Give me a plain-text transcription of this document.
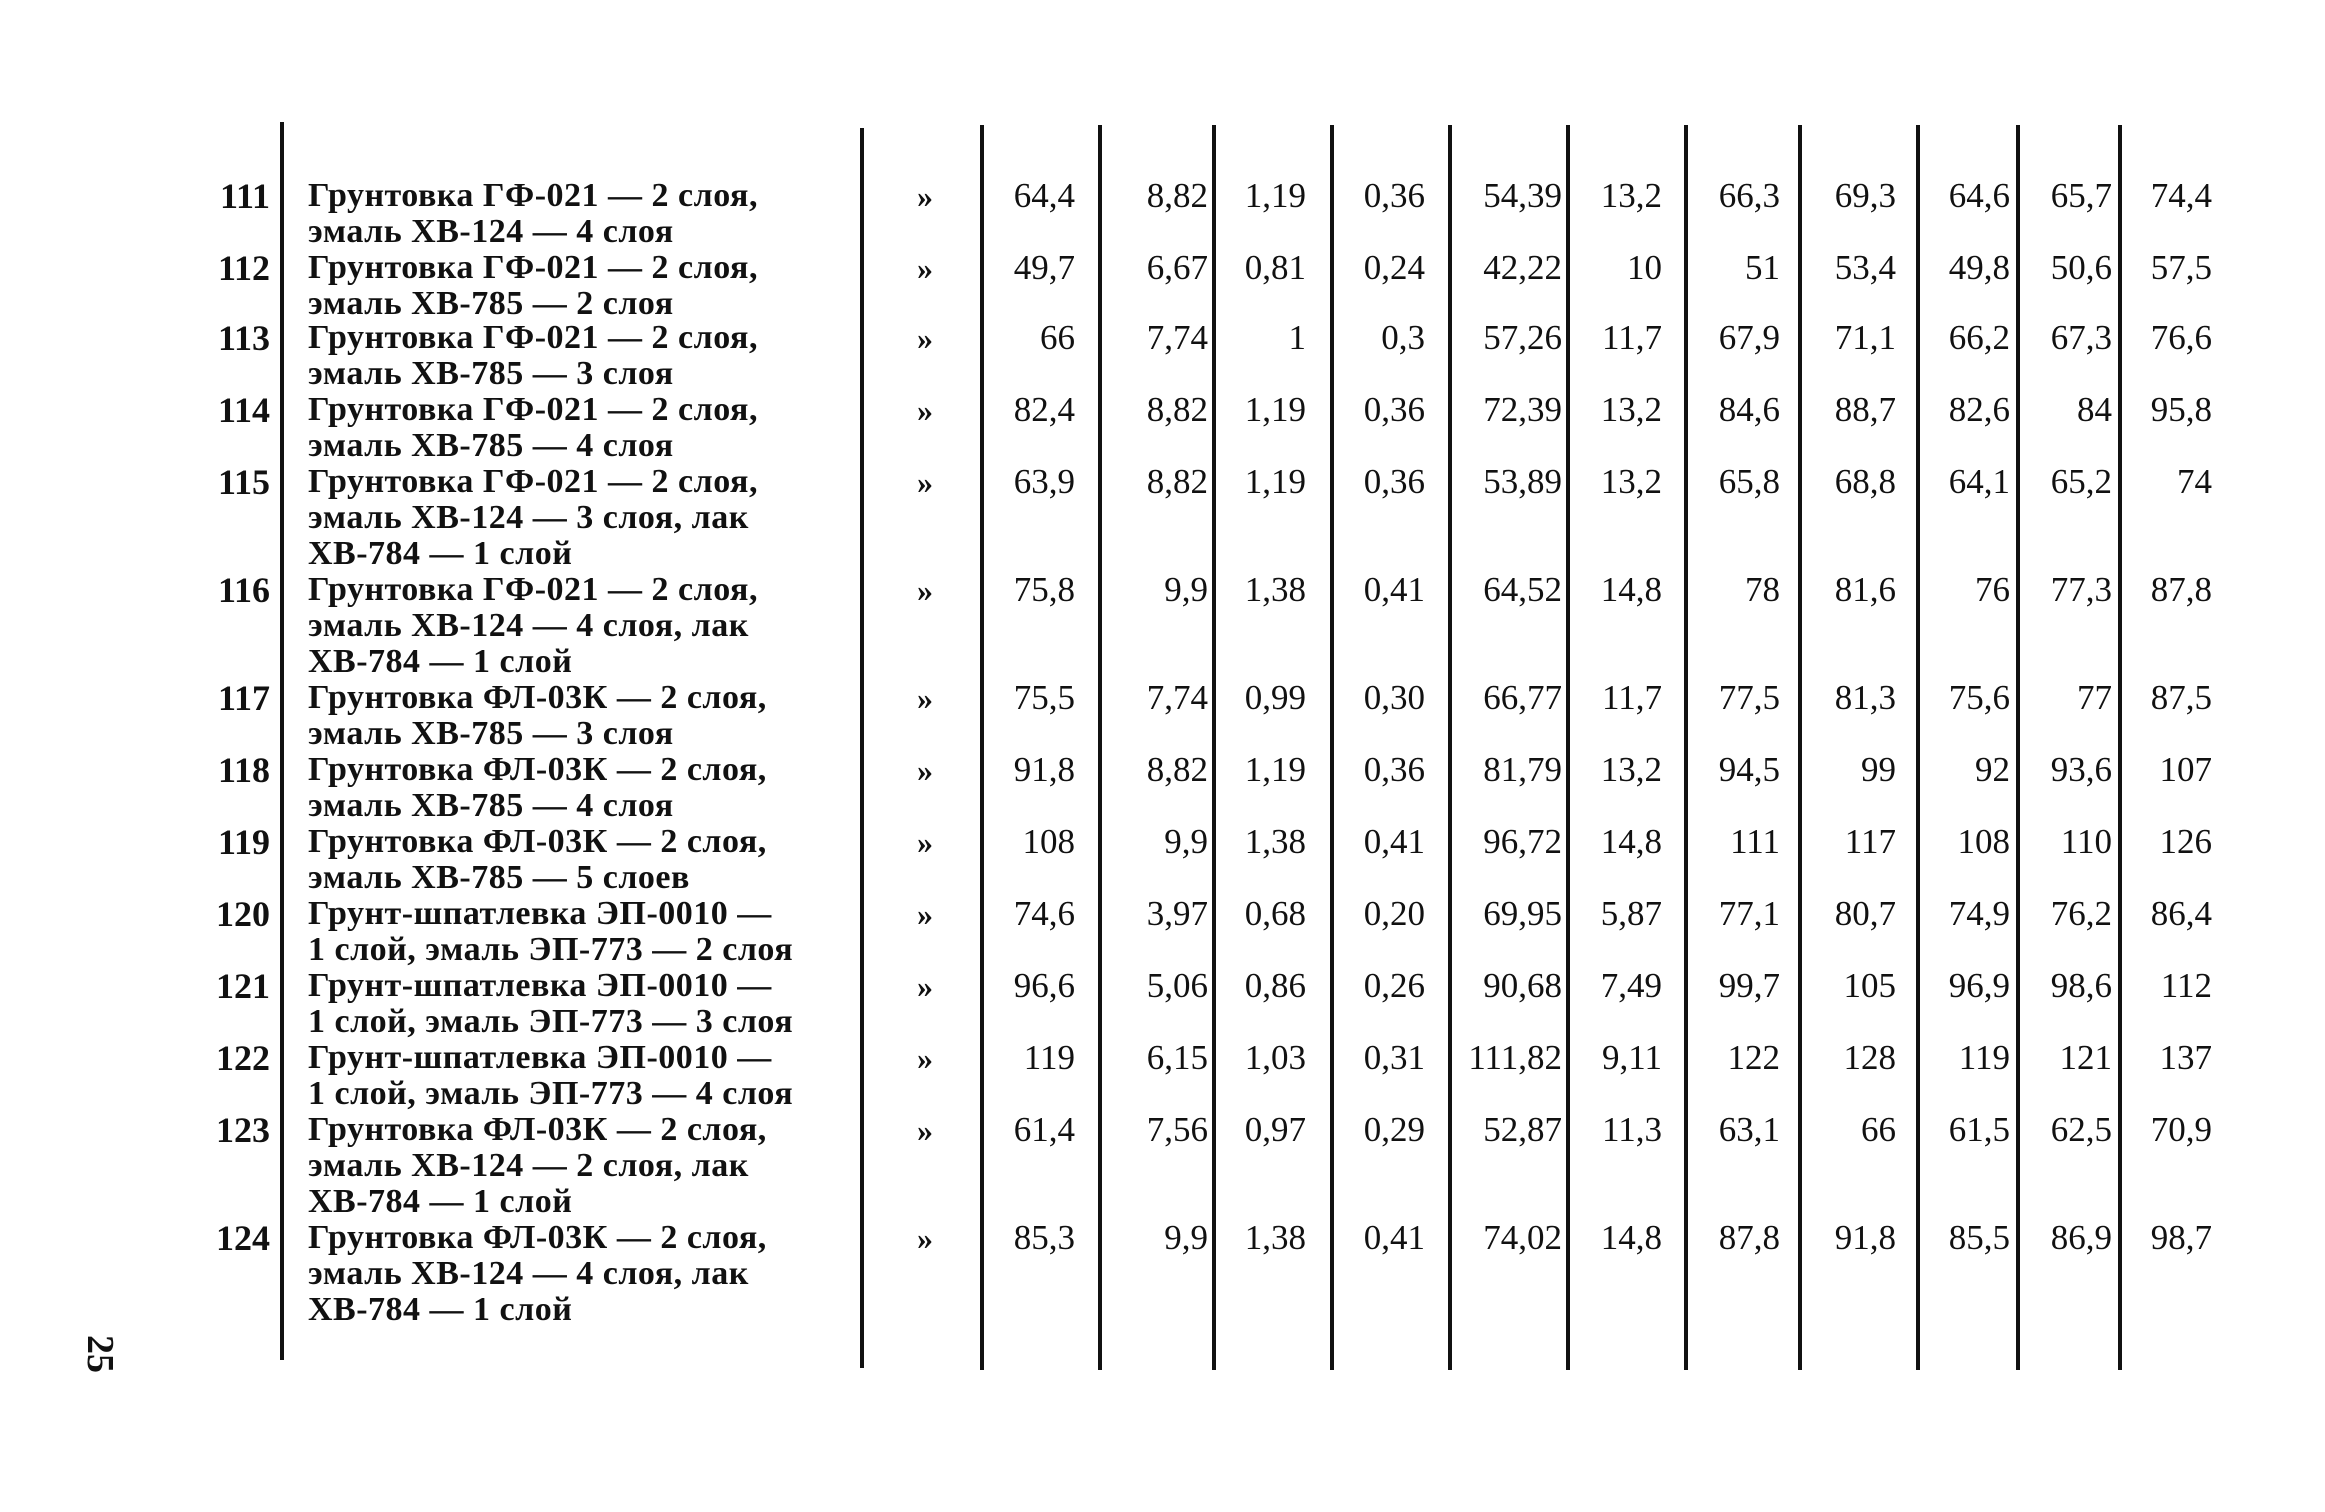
111 Грунтовка ГФ-021 — 2 слоя,
эмаль ХВ-124 — 4 слоя
» 64,4 8,82 1,19 0,36 54,39 13,2 66,3 69,3 64,6 65,7 74,4
112 Грунтовка ГФ-021 — 2 слоя,
эмаль ХВ-785 — 2 слоя
» 49,7 6,67 0,81 0,24 42,22 10 51 53,4 49,8 50,6 57,5
113 Грунтовка ГФ-021 — 2 слоя,
эмаль ХВ-785 — 3 слоя
»	66 7,74 1 0,3 57,26 11,7 67,9 71,1 66,2 67,3 76,6
114 Грунтовка ГФ-021 — 2 слоя,
эмаль ХВ-785 — 4 слоя
» 82,4 8,82 1,19 0,36 72,39 13,2 84,6 88,7 82,6 84 95,8
115 Грунтовка ГФ-021 — 2 слоя,
эмаль ХВ-124 — 3 слоя, лак
ХВ-784 — 1 слой
» 63,9 8,82 1,19 0,36 53,89 13,2 65,8 68,8 64,1 65,2 74
116 Грунтовка ГФ-021 — 2 слоя,
эмаль ХВ-124 — 4 слоя, лак
ХВ-784 — 1 слой
» 75,8	9,9 1,38 0,41 64,52 14,8 78 81,6 76 77,3 87,8
117 Грунтовка ФЛ-03К — 2 слоя,
эмаль ХВ-785 — 3 слоя
» 75,5 7,74 0,99 0,30 66,77 11,7 77,5 81,3 75,6 77 87,5
118 Грунтовка ФЛ-03К — 2 слоя,
эмаль ХВ-785 — 4 слоя
» 91,8 8,82 1,19 0,36 81,79 13,2 94,5 99 92 93,6 107
119 Грунтовка ФЛ-03К — 2 слоя,
эмаль ХВ-785 — 5 слоев
»	108	9,9 1,38 0,41 96,72 14,8 111 117 108 110 126
120 Грунт-шпатлевка ЭП-0010 —
1 слой, эмаль ЭП-773 — 2 слоя
» 74,6 3,97 0,68 0,20 69,95 5,87 77,1 80,7 74,9 76,2 86,4
121 Грунт-шпатлевка ЭП-0010 —
1 слой, эмаль ЭП-773 — 3 слоя
» 96,6 5,06 0,86 0,26 90,68 7,49 99,7 105 96,9 98,6 112
122 Грунт-шпатлевка ЭП-0010 —
1 слой, эмаль ЭП-773 — 4 слоя
»	119 6,15 1,03 0,31 111,82 9,11 122 128 119 121 137
123 Грунтовка ФЛ-03К — 2 слоя,
эмаль ХВ-124 — 2 слоя, лак
ХВ-784 — 1 слой
» 61,4 7,56 0,97 0,29 52,87 11,3 63,1 66 61,5 62,5 70,9
124 Грунтовка ФЛ-03К — 2 слоя,
эмаль ХВ-124 — 4 слоя, лак
ХВ-784 — 1 слой
» 85,3	9,9 1,38 0,41 74,02 14,8 87,8 91,8 85,5 86,9 98,7
25
